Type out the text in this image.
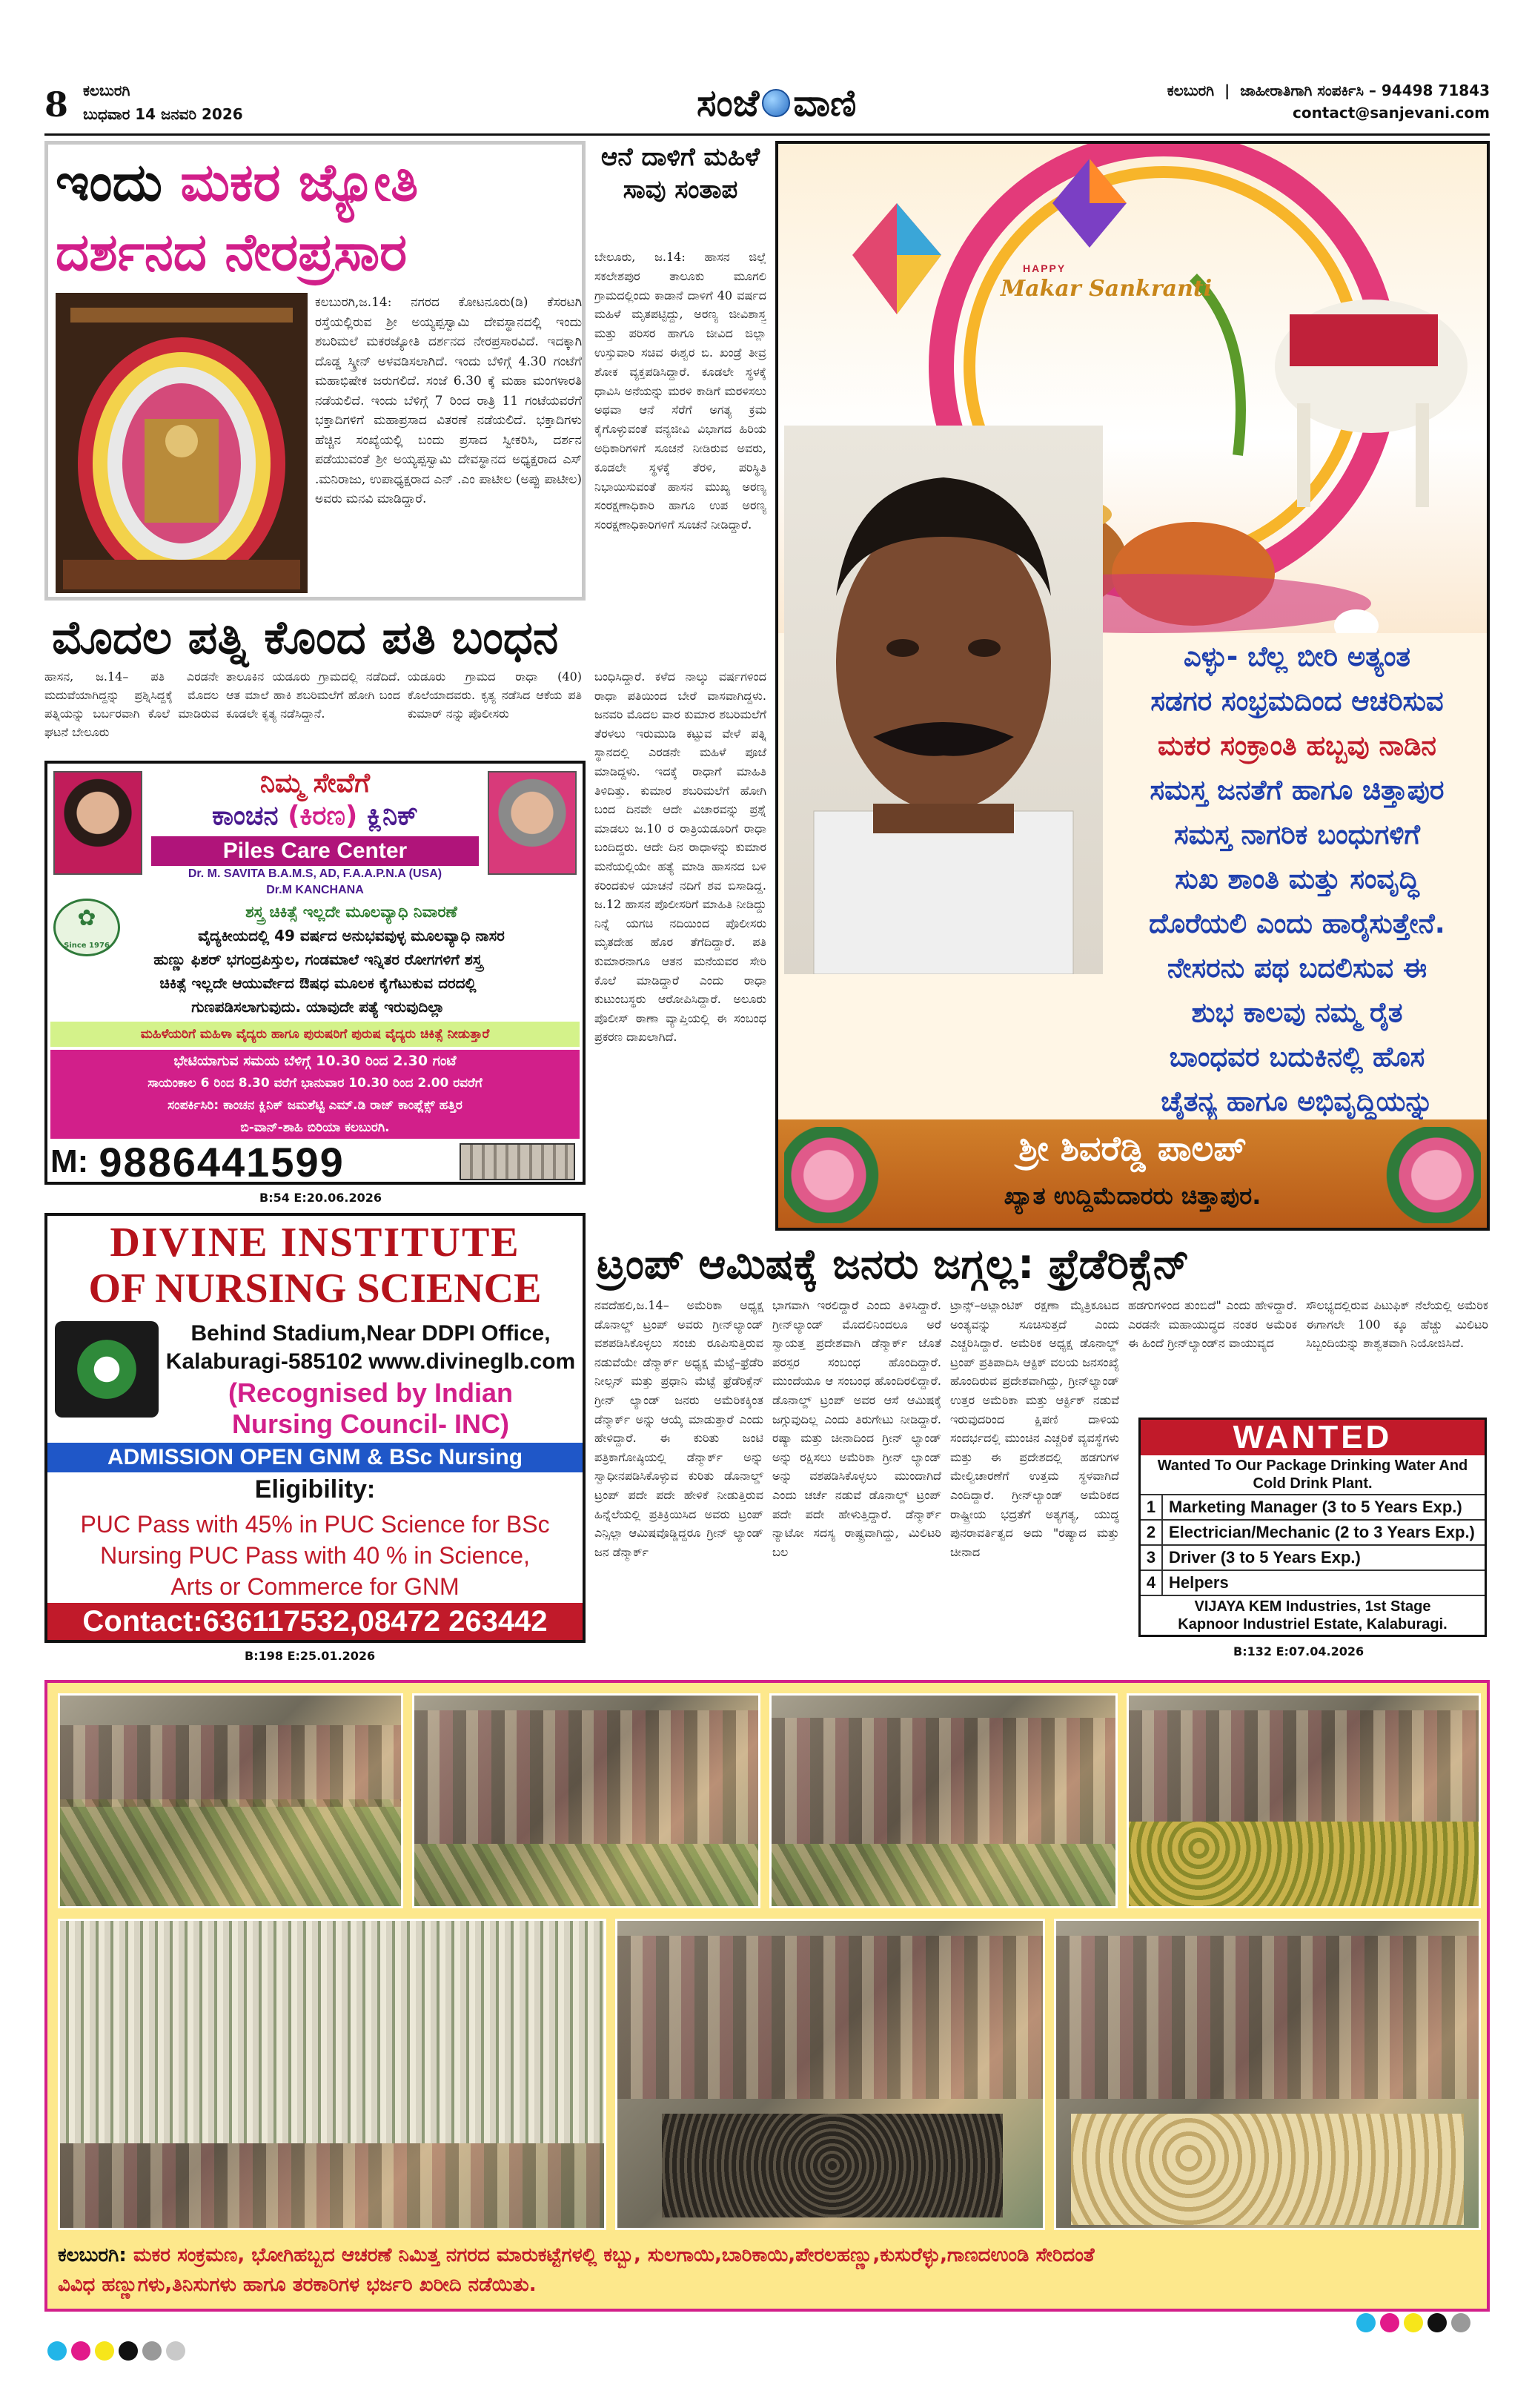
8 ಕಲಬುರಗಿ
ಬುಧವಾರ 14 ಜನವರಿ 2026	ಸಂಜೆ ವಾಣಿ	ಕಲಬುರಗಿ  |  ಜಾಹೀರಾತಿಗಾಗಿ ಸಂಪರ್ಕಿಸಿ – 94498 71843
contact@sanjevani.com
ಇಂದು ಮಕರ ಜ್ಯೋತಿ
ದರ್ಶನದ ನೇರಪ್ರಸಾರ
ಕಲಬುರಗಿ,ಜ.14: ನಗರದ ಕೋಟನೂರು(ಡಿ) ಕೆಸರಟಗಿ ರಸ್ತೆಯಲ್ಲಿರುವ ಶ್ರೀ ಅಯ್ಯಪ್ಪಸ್ವಾಮಿ ದೇವಸ್ಥಾನದಲ್ಲಿ ಇಂದು ಶಬರಿಮಲೆ ಮಕರಜ್ಯೋತಿ ದರ್ಶನದ ನೇರಪ್ರಸಾರವಿದೆ. ಇದಕ್ಕಾಗಿ ದೊಡ್ಡ ಸ್ಕ್ರೀನ್ ಅಳವಡಿಸಲಾಗಿದೆ. ಇಂದು ಬೆಳಿಗ್ಗೆ 4.30 ಗಂಟೆಗೆ ಮಹಾಭಿಷೇಕ ಜರುಗಲಿದೆ. ಸಂಜೆ 6.30 ಕ್ಕೆ ಮಹಾ ಮಂಗಳಾರತಿ ನಡೆಯಲಿದೆ. ಇಂದು ಬೆಳಿಗ್ಗೆ 7 ರಿಂದ ರಾತ್ರಿ 11 ಗಂಟೆಯವರೆಗೆ ಭಕ್ತಾದಿಗಳಿಗೆ ಮಹಾಪ್ರಸಾದ ವಿತರಣೆ ನಡೆಯಲಿದೆ. ಭಕ್ತಾದಿಗಳು ಹೆಚ್ಚಿನ ಸಂಖ್ಯೆಯಲ್ಲಿ ಬಂದು ಪ್ರಸಾದ ಸ್ವೀಕರಿಸಿ, ದರ್ಶನ ಪಡೆಯುವಂತೆ ಶ್ರೀ ಅಯ್ಯಪ್ಪಸ್ವಾಮಿ ದೇವಸ್ಥಾನದ ಅಧ್ಯಕ್ಷರಾದ ಎಸ್ .ಮನಿರಾಜು, ಉಪಾಧ್ಯಕ್ಷರಾದ ಎನ್ .ಎಂ ಪಾಟೀಲ (ಅಪ್ಪು ಪಾಟೀಲ) ಅವರು ಮನವಿ ಮಾಡಿದ್ದಾರೆ.
ಆನೆ ದಾಳಿಗೆ ಮಹಿಳೆ ಸಾವು ಸಂತಾಪ
ಬೇಲೂರು, ಜ.14: ಹಾಸನ ಜಿಲ್ಲೆ ಸಕಲೇಶಪುರ ತಾಲೂಕು ಮೂಗಲಿ ಗ್ರಾಮದಲ್ಲಿಂದು ಕಾಡಾನೆ ದಾಳಿಗೆ 40 ವರ್ಷದ ಮಹಿಳೆ ಮೃತಪಟ್ಟಿದ್ದು, ಅರಣ್ಯ ಜೀವಿಶಾಸ್ತ್ರ ಮತ್ತು ಪರಿಸರ ಹಾಗೂ ಜೀವಿದ ಜಿಲ್ಲಾ ಉಸ್ತುವಾರಿ ಸಚಿವ ಈಶ್ವರ ಬಿ. ಖಂಡ್ರೆ ತೀವ್ರ ಶೋಕ ವ್ಯಕ್ತಪಡಿಸಿದ್ದಾರೆ. ಕೂಡಲೇ ಸ್ಥಳಕ್ಕೆ ಧಾವಿಸಿ ಅನೆಯನ್ನು ಮರಳಿ ಕಾಡಿಗೆ ಮರಳಿಸಲು ಅಥವಾ ಆನೆ ಸೆರೆಗೆ ಅಗತ್ಯ ಕ್ರಮ ಕೈಗೊಳ್ಳುವಂತೆ ವನ್ಯಜೀವಿ ವಿಭಾಗದ ಹಿರಿಯ ಅಧಿಕಾರಿಗಳಿಗೆ ಸೂಚನೆ ನೀಡಿರುವ ಅವರು, ಕೂಡಲೇ ಸ್ಥಳಕ್ಕೆ ತೆರಳಿ, ಪರಿಸ್ಥಿತಿ ನಿಭಾಯಿಸುವಂತೆ ಹಾಸನ ಮುಖ್ಯ ಅರಣ್ಯ ಸಂರಕ್ಷಣಾಧಿಕಾರಿ ಹಾಗೂ ಉಪ ಅರಣ್ಯ ಸಂರಕ್ಷಣಾಧಿಕಾರಿಗಳಿಗೆ ಸೂಚನೆ ನೀಡಿದ್ದಾರೆ.
ಮೊದಲ ಪತ್ನಿ ಕೊಂದ ಪತಿ ಬಂಧನ
ಹಾಸನ, ಜ.14– ಪತಿ ಎರಡನೇ ಮದುವೆಯಾಗಿದ್ದನ್ನು ಪ್ರಶ್ನಿಸಿದ್ದಕ್ಕೆ ಮೊದಲ ಪತ್ನಿಯನ್ನು ಬರ್ಬರವಾಗಿ ಕೊಲೆ ಮಾಡಿರುವ ಘಟನೆ ಬೇಲೂರು
ತಾಲೂಕಿನ ಯಡೂರು ಗ್ರಾಮದಲ್ಲಿ ನಡೆದಿದೆ. ಆತ ಮಾಲೆ ಹಾಕಿ ಶಬರಿಮಲೆಗೆ ಹೋಗಿ ಬಂದ ಕೂಡಲೇ ಕೃತ್ಯ ನಡೆಸಿದ್ದಾನೆ.
ಯಡೂರು ಗ್ರಾಮದ ರಾಧಾ (40) ಕೊಲೆಯಾದವರು. ಕೃತ್ಯ ನಡೆಸಿದ ಆಕೆಯ ಪತಿ ಕುಮಾರ್ ನನ್ನು ಪೊಲೀಸರು
ಬಂಧಿಸಿದ್ದಾರೆ. ಕಳೆದ ನಾಲ್ಕು ವರ್ಷಗಳಿಂದ ರಾಧಾ ಪತಿಯಿಂದ ಬೇರೆ ವಾಸವಾಗಿದ್ದಳು. ಜನವರಿ ಮೊದಲ ವಾರ ಕುಮಾರ ಶಬರಿಮಲೆಗೆ ತೆರಳಲು ಇರುಮುಡಿ ಕಟ್ಟುವ ವೇಳೆ ಪತ್ನಿ ಸ್ಥಾನದಲ್ಲಿ ಎರಡನೇ ಮಹಿಳೆ ಪೂಜೆ ಮಾಡಿದ್ದಳು. ಇದಕ್ಕೆ ರಾಧಾಗೆ ಮಾಹಿತಿ ತಿಳಿದಿತ್ತು. ಕುಮಾರ ಶಬರಿಮಲೆಗೆ ಹೋಗಿ ಬಂದ ದಿನವೇ ಆದೇ ವಿಚಾರವನ್ನು ಪ್ರಶ್ನೆ ಮಾಡಲು ಜ.10 ರ ರಾತ್ರಿಯಡೂರಿಗೆ ರಾಧಾ ಬಂದಿದ್ದರು. ಆದೇ ದಿನ ರಾಧಾಳನ್ನು ಕುಮಾರ ಮನೆಯಲ್ಲಿಯೇ ಹತ್ಯೆ ಮಾಡಿ ಹಾಸನದ ಬಳಿ ಕರಿಂದಕುಳ ಯಾಚನೆ ನದಿಗೆ ಶವ ಬಿಸಾಡಿದ್ದ. ಜ.12 ಹಾಸನ ಪೊಲೀಸರಿಗೆ ಮಾಹಿತಿ ನೀಡಿದ್ದು ನಿನ್ನೆ ಯಗಚಿ ನದಿಯಿಂದ ಪೊಲೀಸರು ಮೃತದೇಹ ಹೊರ ತೆಗೆದಿದ್ದಾರೆ. ಪತಿ ಕುಮಾರನಾಗೂ ಆತನ ಮನೆಯವರ ಸೇರಿ ಕೊಲೆ ಮಾಡಿದ್ದಾರೆ ಎಂದು ರಾಧಾ ಕುಟುಂಬಸ್ಥರು ಆರೋಪಿಸಿದ್ದಾರೆ. ಅಲೂರು ಪೊಲೀಸ್ ಠಾಣಾ ವ್ಯಾಪ್ತಿಯಲ್ಲಿ ಈ ಸಂಬಂಧ ಪ್ರಕರಣ ದಾಖಲಾಗಿದೆ.
ನಿಮ್ಮ ಸೇವೆಗೆ
ಕಾಂಚನ (ಕಿರಣ) ಕ್ಲಿನಿಕ್
Piles Care Center
Dr. M. SAVITA B.A.M.S, AD, F.A.A.P.N.A (USA)
Dr.M KANCHANA
✿
Since 1976
ಶಸ್ತ್ರ ಚಿಕಿತ್ಸೆ ಇಲ್ಲದೇ ಮೂಲವ್ಯಾಧಿ ನಿವಾರಣೆ
ವೈದ್ಯಕೀಯದಲ್ಲಿ 49 ವರ್ಷದ ಅನುಭವವುಳ್ಳ ಮೂಲವ್ಯಾಧಿ ನಾಸರ
ಹುಣ್ಣು ಫಿಶರ್ ಭಗಂದ್ರಪಿಸ್ತುಲ, ಗಂಡಮಾಲೆ ಇನ್ನಿತರ ರೋಗಗಳಿಗೆ ಶಸ್ತ್ರ
ಚಿಕಿತ್ಸೆ ಇಲ್ಲದೇ ಆಯುರ್ವೇದ ಔಷಧ ಮೂಲಕ ಕೈಗೆಟುಕುವ ದರದಲ್ಲಿ
ಗುಣಪಡಿಸಲಾಗುವುದು. ಯಾವುದೇ ಪತ್ಯೆ ಇರುವುದಿಲ್ಲಾ
ಮಹಿಳೆಯರಿಗೆ ಮಹಿಳಾ ವೈದ್ಯರು ಹಾಗೂ ಪುರುಷರಿಗೆ ಪುರುಷ ವೈದ್ಯರು ಚಿಕಿತ್ಸೆ ನೀಡುತ್ತಾರೆ
ಭೇಟಿಯಾಗುವ ಸಮಯ ಬೆಳಿಗ್ಗೆ 10.30 ರಿಂದ 2.30 ಗಂಟೆ
ಸಾಯಂಕಾಲ 6 ರಿಂದ 8.30 ವರೆಗೆ ಭಾನುವಾರ 10.30 ರಿಂದ 2.00 ರವರೆಗೆ
ಸಂಪರ್ಕಿಸಿರಿ: ಕಾಂಚನ ಕ್ಲಿನಿಕ್ ಜಮಶೆಟ್ಟಿ ಎಮ್.ಡಿ ರಾಜ್ ಕಾಂಪ್ಲೆಕ್ಸ್ ಹತ್ತಿರ
ಬಿ-ವಾನ್-ಶಾಹಿ ಬಿರಿಯಾ ಕಲಬುರಗಿ.
M: 9886441599
B:54 E:20.06.2026
HAPPY
Makar Sankranti
ಎಳ್ಳು- ಬೆಲ್ಲ ಬೀರಿ ಅತ್ಯಂತ
ಸಡಗರ ಸಂಭ್ರಮದಿಂದ ಆಚರಿಸುವ
ಮಕರ ಸಂಕ್ರಾಂತಿ ಹಬ್ಬವು ನಾಡಿನ
ಸಮಸ್ತ ಜನತೆಗೆ ಹಾಗೂ ಚಿತ್ತಾಪುರ
ಸಮಸ್ತ ನಾಗರಿಕ ಬಂಧುಗಳಿಗೆ
ಸುಖ ಶಾಂತಿ ಮತ್ತು ಸಂವೃದ್ಧಿ
ದೊರೆಯಲಿ ಎಂದು ಹಾರೈಸುತ್ತೇನೆ.
ನೇಸರನು ಪಥ ಬದಲಿಸುವ ಈ
ಶುಭ ಕಾಲವು ನಮ್ಮ ರೈತ
ಬಾಂಧವರ ಬದುಕಿನಲ್ಲಿ ಹೊಸ
ಚೈತನ್ಯ ಹಾಗೂ ಅಭಿವೃದ್ಧಿಯನ್ನು
ಶ್ರೀ ಶಿವರೆಡ್ಡಿ ಪಾಲಪ್
ಖ್ಯಾತ ಉದ್ದಿಮೆದಾರರು ಚಿತ್ತಾಪುರ.
DIVINE INSTITUTE
OF NURSING SCIENCE
Behind Stadium,Near DDPI Office,
Kalaburagi-585102 www.divineglb.com
(Recognised by Indian
Nursing Council- INC)
ADMISSION OPEN GNM & BSc Nursing
Eligibility:
PUC Pass with 45% in PUC Science for BSc
Nursing PUC Pass with 40 % in Science,
Arts or Commerce for GNM
Contact:636117532,08472 263442
B:198 E:25.01.2026
ಟ್ರಂಪ್ ಆಮಿಷಕ್ಕೆ ಜನರು ಜಗ್ಗಲ್ಲ: ಫ್ರೆಡೆರಿಕ್ಸೆನ್
ನವದೆಹಲಿ,ಜ.14– ಅಮೆರಿಕಾ ಅಧ್ಯಕ್ಷ ಡೊನಾಲ್ಡ್ ಟ್ರಂಪ್ ಅವರು ಗ್ರೀನ್‌ಲ್ಯಾಂಡ್ ವಶಪಡಿಸಿಕೊಳ್ಳಲು ಸಂಚು ರೂಪಿಸುತ್ತಿರುವ ನಡುವೆಯೇ ಡೆನ್ಮಾರ್ಕ್ ಅಧ್ಯಕ್ಷ ಮೆಟ್ಟೆ–ಫ್ರೆಡೆರಿ ನೀಲ್ಸನ್ ಮತ್ತು ಪ್ರಧಾನಿ ಮೆಟ್ಟೆ ಫ್ರೆಡೆರಿಕ್ಸೆನ್ ಗ್ರೀನ್ ಲ್ಯಾಂಡ್ ಜನರು ಅಮೆರಿಕಕ್ಕಿಂತ ಡೆನ್ಮಾರ್ಕ್ ಅನ್ನು ಆಯ್ಕೆ ಮಾಡುತ್ತಾರೆ ಎಂದು ಹೇಳಿದ್ದಾರೆ. ಈ ಕುರಿತು ಜಂಟಿ ಪತ್ರಿಕಾಗೋಷ್ಠಿಯಲ್ಲಿ ಡೆನ್ಮಾರ್ಕ್ ಅನ್ನು ಸ್ವಾಧೀನಪಡಿಸಿಕೊಳ್ಳುವ ಕುರಿತು ಡೊನಾಲ್ಡ್ ಟ್ರಂಪ್ ಪದೇ ಪದೇ ಹೇಳಿಕೆ ನೀಡುತ್ತಿರುವ ಹಿನ್ನೆಲೆಯಲ್ಲಿ ಪ್ರತಿಕ್ರಿಯಿಸಿದ ಅವರು ಟ್ರಂಪ್ ಎನ್ಸಿಲ್ಲಾ ಆಮಿಷವೊಡ್ಡಿದ್ದರೂ ಗ್ರೀನ್ ಲ್ಯಾಂಡ್ ಜನ ಡೆನ್ಮಾರ್ಕ್
ಭಾಗವಾಗಿ ಇರಲಿದ್ದಾರೆ ಎಂದು ತಿಳಿಸಿದ್ದಾರೆ. ಗ್ರೀನ್‌ಲ್ಯಾಂಡ್ ಮೊದಲಿನಿಂದಲೂ ಅರೆ ಸ್ವಾಯತ್ತ ಪ್ರದೇಶವಾಗಿ ಡೆನ್ಮಾರ್ಕ್ ಜೊತೆ ಪರಸ್ಪರ ಸಂಬಂಧ ಹೊಂದಿದ್ದಾರೆ. ಮುಂದೆಯೂ ಆ ಸಂಬಂಧ ಹೊಂದಿರಲಿದ್ದಾರೆ. ಡೊನಾಲ್ಡ್ ಟ್ರಂಪ್ ಅವರ ಆಸೆ ಆಮಿಷಕ್ಕೆ ಜಗ್ಗುವುದಿಲ್ಲ ಎಂದು ತಿರುಗೇಟು ನೀಡಿದ್ದಾರೆ. ರಷ್ಯಾ ಮತ್ತು ಚೀನಾದಿಂದ ಗ್ರೀನ್ ಲ್ಯಾಂಡ್ ಅನ್ನು ರಕ್ಷಿಸಲು ಅಮೆರಿಕಾ ಗ್ರೀನ್ ಲ್ಯಾಂಡ್ ಅನ್ನು ವಶಪಡಿಸಿಕೊಳ್ಳಲು ಮುಂದಾಗಿದೆ ಎಂದು ಚರ್ಚೆ ನಡುವೆ ಡೊನಾಲ್ಡ್ ಟ್ರಂಪ್ ಪದೇ ಪದೇ ಹೇಳುತ್ತಿದ್ದಾರೆ. ಡೆನ್ಮಾರ್ಕ್ ನ್ಯಾಟೋ ಸದಸ್ಯ ರಾಷ್ಟ್ರವಾಗಿದ್ದು, ಮಿಲಿಟರಿ ಬಲ
ಟ್ರಾನ್ಸ್–ಅಟ್ಲಾಂಟಿಕ್ ರಕ್ಷಣಾ ಮೈತ್ರಿಕೂಟದ ಅಂತ್ಯವನ್ನು ಸೂಚಿಸುತ್ತದೆ ಎಂದು ಎಚ್ಚರಿಸಿದ್ದಾರೆ. ಅಮೆರಿಕ ಅಧ್ಯಕ್ಷ ಡೊನಾಲ್ಡ್ ಟ್ರಂಪ್ ಪ್ರತಿಪಾದಿಸಿ ಆಕ್ಟಿಕ್ ವಲಯ ಜನಸಂಖ್ಯೆ ಹೊಂದಿರುವ ಪ್ರದೇಶವಾಗಿದ್ದು, ಗ್ರೀನ್‌ಲ್ಯಾಂಡ್ ಉತ್ತರ ಅಮೆರಿಕಾ ಮತ್ತು ಆರ್ಕ್ಟಿಕ್ ನಡುವೆ ಇರುವುದರಿಂದ ಕ್ಷಿಪಣಿ ದಾಳಿಯ ಸಂದರ್ಭದಲ್ಲಿ ಮುಂಚಿನ ಎಚ್ಚರಿಕೆ ವ್ಯವಸ್ಥೆಗಳು ಮತ್ತು ಈ ಪ್ರದೇಶದಲ್ಲಿ ಹಡಗುಗಳ ಮೇಲ್ವಿಚಾರಣೆಗೆ ಉತ್ತಮ ಸ್ಥಳವಾಗಿದೆ ಎಂದಿದ್ದಾರೆ. ಗ್ರೀನ್‌ಲ್ಯಾಂಡ್ ಅಮೆರಿಕದ ರಾಷ್ಟ್ರೀಯ ಭದ್ರತೆಗೆ ಅತ್ಯಗತ್ಯ, ಯುದ್ಧ ಪುನರಾವರ್ತಿತ್ವದ ಅದು "ರಷ್ಯಾದ ಮತ್ತು ಚೀನಾದ
ಹಡಗುಗಳಿಂದ ತುಂಬಿದೆ" ಎಂದು ಹೇಳಿದ್ದಾರೆ. ಎರಡನೇ ಮಹಾಯುದ್ಧದ ನಂತರ ಅಮೆರಿಕ ಈ ಹಿಂದೆ ಗ್ರೀನ್‌ಲ್ಯಾಂಡ್‌ನ ವಾಯುವ್ಯದ
ಸೌಲಭ್ಯದಲ್ಲಿರುವ ಪಿಟುಫಿಕ್ ನೆಲೆಯಲ್ಲಿ ಅಮೆರಿಕ ಈಗಾಗಲೇ 100 ಕ್ಕೂ ಹೆಚ್ಚು ಮಿಲಿಟರಿ ಸಿಬ್ಬಂದಿಯನ್ನು ಶಾಶ್ವತವಾಗಿ ನಿಯೋಜಿಸಿದೆ.
WANTED
Wanted To Our Package Drinking Water And Cold Drink Plant.
1 Marketing Manager (3 to 5 Years Exp.)
2 Electrician/Mechanic (2 to 3 Years Exp.)
3 Driver (3 to 5 Years Exp.)
4 Helpers
VIJAYA KEM Industries, 1st Stage
Kapnoor Industriel Estate, Kalaburagi.
B:132 E:07.04.2026
ಕಲಬುರಗಿ: ಮಕರ ಸಂಕ್ರಮಣ, ಭೋಗಿಹಬ್ಬದ ಆಚರಣೆ ನಿಮಿತ್ತ ನಗರದ ಮಾರುಕಟ್ಟೆಗಳಲ್ಲಿ ಕಬ್ಬು, ಸುಲಗಾಯಿ,ಬಾರಿಕಾಯಿ,ಪೇರಲಹಣ್ಣು,ಕುಸುರೆಳ್ಳು,ಗಾಣದಉಂಡಿ ಸೇರಿದಂತೆ
ವಿವಿಧ ಹಣ್ಣುಗಳು,ತಿನಿಸುಗಳು ಹಾಗೂ ತರಕಾರಿಗಳ ಭರ್ಜರಿ ಖರೀದಿ ನಡೆಯಿತು.
